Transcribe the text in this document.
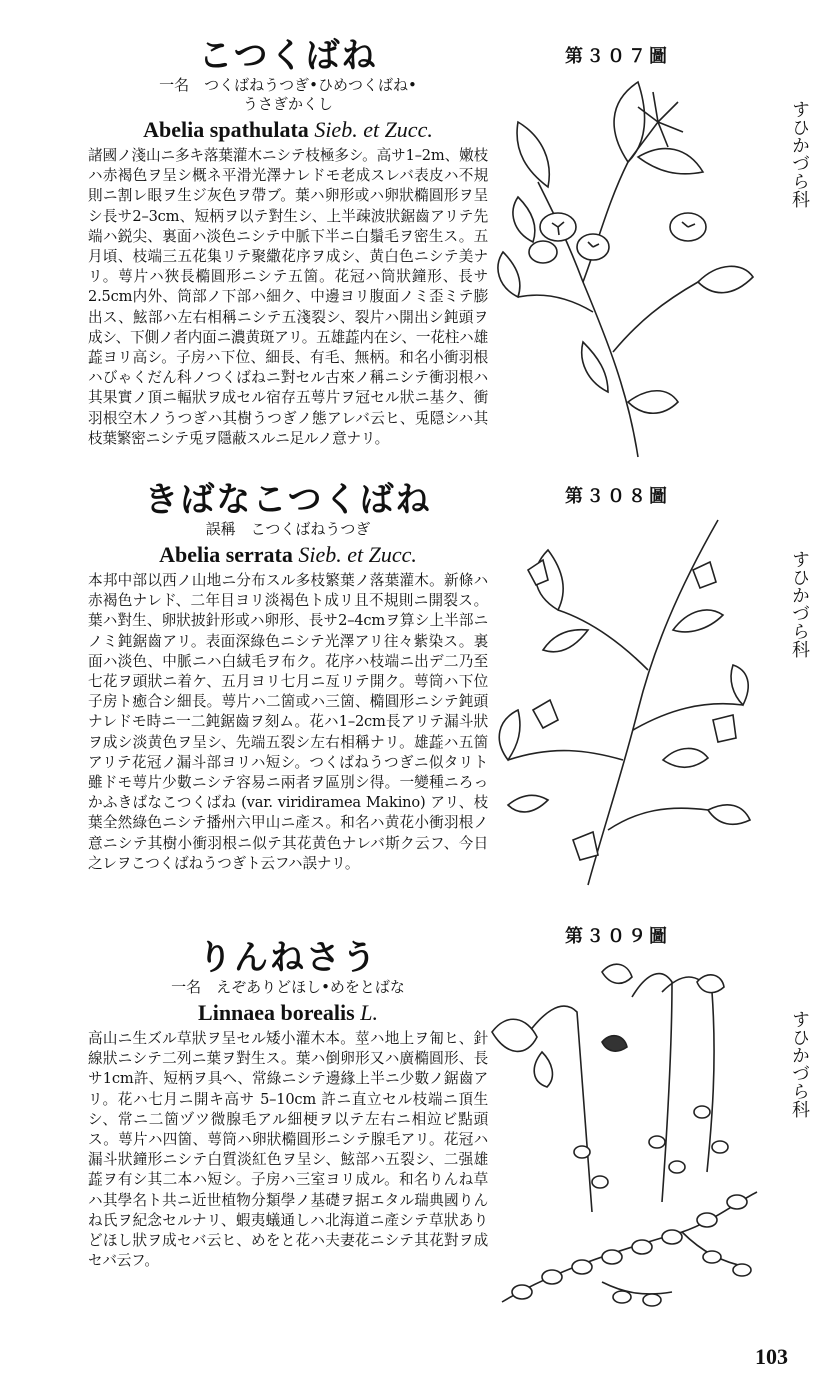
こつくばね

一名　つくばねうつぎ•ひめつくばね•

うさぎかくし

Abelia spathulata Sieb. et Zucc.

諸國ノ淺山ニ多キ落葉灌木ニシテ枝極多シ。高サ1–2m、嫩枝ハ赤褐色ヲ呈シ概ネ平滑光澤ナレドモ老成スレバ表皮ハ不規則ニ割レ眼ヲ生ジ灰色ヲ帶ブ。葉ハ卵形或ハ卵狀橢圓形ヲ呈シ長サ2–3cm、短柄ヲ以テ對生シ、上半疎波狀鋸齒アリテ先端ハ鋭尖、裏面ハ淡色ニシテ中脈下半ニ白鬚毛ヲ密生ス。五月頃、枝端三五花集リテ聚繖花序ヲ成シ、黄白色ニシテ美ナリ。萼片ハ狹長橢圓形ニシテ五箇。花冠ハ筒狀鐘形、長サ2.5cm内外、筒部ノ下部ハ細ク、中邊ヨリ腹面ノミ歪ミテ膨出ス、鮌部ハ左右相稱ニシテ五淺裂シ、裂片ハ開出シ鈍頭ヲ成シ、下側ノ者内面ニ濃黄斑アリ。五雄蕋内在シ、一花柱ハ雄蕋ヨリ高シ。子房ハ下位、細長、有毛、無柄。和名小衝羽根ハびゃくだん科ノつくばねニ對セル古來ノ稱ニシテ衝羽根ハ其果實ノ頂ニ輻狀ヲ成セル宿存五萼片ヲ冠セル狀ニ基ク、衝羽根空木ノうつぎハ其樹うつぎノ態アレバ云ヒ、兎隠シハ其枝葉繁密ニシテ兎ヲ隱蔽スルニ足ルノ意ナリ。

第３０７圖
すひかづら科
きばなこつくばね

誤稱　こつくばねうつぎ

Abelia serrata Sieb. et Zucc.

本邦中部以西ノ山地ニ分布スル多枝繁葉ノ落葉灌木。新條ハ赤褐色ナレド、二年目ヨリ淡褐色ト成リ且不規則ニ開裂ス。葉ハ對生、卵狀披針形或ハ卵形、長サ2–4cmヲ算シ上半部ニノミ鈍鋸齒アリ。表面深綠色ニシテ光澤アリ往々紫染ス。裏面ハ淡色、中脈ニハ白絨毛ヲ布ク。花序ハ枝端ニ出デ二乃至七花ヲ頭狀ニ着ケ、五月ヨリ七月ニ亙リテ開ク。萼筒ハ下位子房ト癒合シ細長。萼片ハ二箇或ハ三箇、橢圓形ニシテ鈍頭ナレドモ時ニ一二鈍鋸齒ヲ刻ム。花ハ1–2cm長アリテ漏斗狀ヲ成シ淡黄色ヲ呈シ、先端五裂シ左右相稱ナリ。雄蕋ハ五箇アリテ花冠ノ漏斗部ヨリハ短シ。つくばねうつぎニ似タリト雖ドモ萼片少數ニシテ容易ニ兩者ヲ區別シ得。一變種ニろっかふきばなこつくばね (var. viridiramea Makino) アリ、枝葉全然綠色ニシテ播州六甲山ニ產ス。和名ハ黄花小衝羽根ノ意ニシテ其樹小衝羽根ニ似テ其花黄色ナレバ斯ク云フ、今日之レヲこつくばねうつぎト云フハ誤ナリ。

第３０８圖
すひかづら科
りんねさう

一名　えぞありどほし•めをとばな

Linnaea borealis L.

高山ニ生ズル草狀ヲ呈セル矮小灌木本。莖ハ地上ヲ匍ヒ、針線狀ニシテ二列ニ葉ヲ對生ス。葉ハ倒卵形又ハ廣橢圓形、長サ1cm許、短柄ヲ具ヘ、常綠ニシテ邊緣上半ニ少數ノ鋸齒アリ。花ハ七月ニ開キ高サ 5–10cm 許ニ直立セル枝端ニ頂生シ、常ニ二箇ヅツ微腺毛アル細梗ヲ以テ左右ニ相竝ビ點頭ス。萼片ハ四箇、萼筒ハ卵狀橢圓形ニシテ腺毛アリ。花冠ハ漏斗狀鐘形ニシテ白質淡紅色ヲ呈シ、鮌部ハ五裂シ、二强雄蕋ヲ有シ其二本ハ短シ。子房ハ三室ヨリ成ル。和名りんね草ハ其學名ト共ニ近世植物分類學ノ基礎ヲ据エタル瑞典國りんね氏ヲ紀念セルナリ、蝦夷蟻通しハ北海道ニ產シテ草狀ありどほし狀ヲ成セバ云ヒ、めをと花ハ夫妻花ニシテ其花對ヲ成セバ云フ。

第３０９圖
すひかづら科
103
